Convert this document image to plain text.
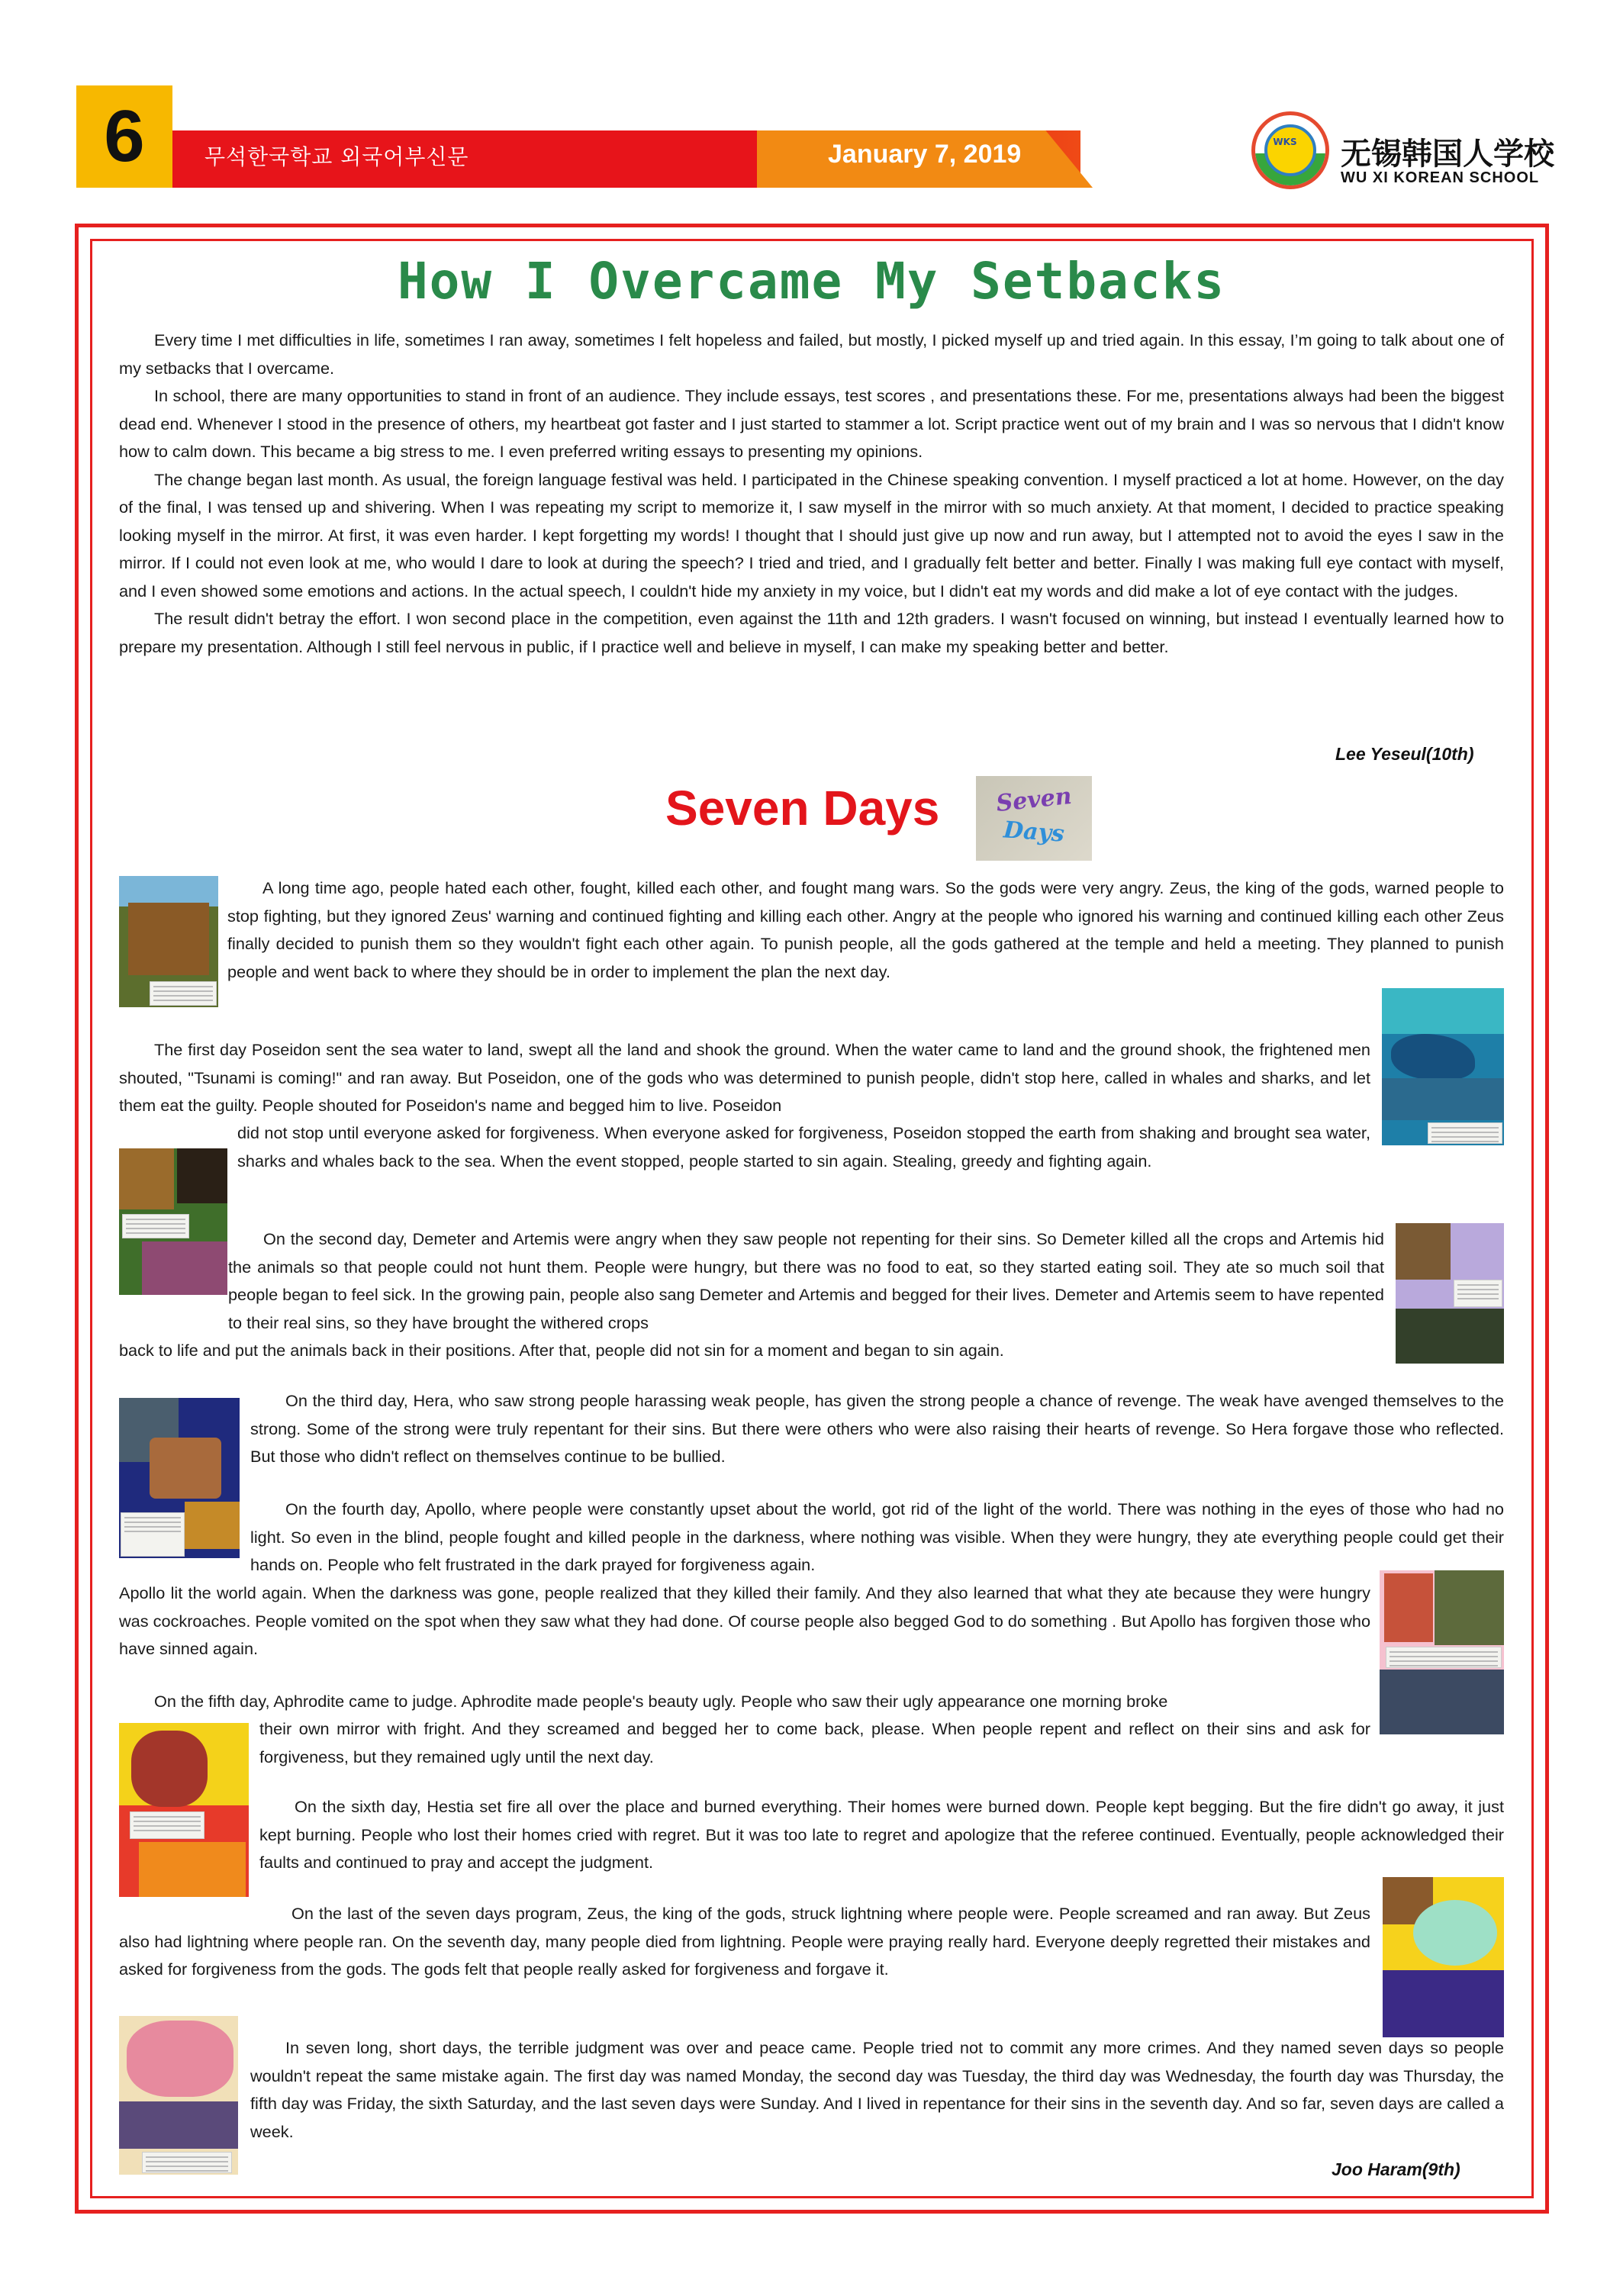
6	무석한국학교 외국어부신문	January 7, 2019	WKS 无锡韩国人学校
WU XI KOREAN SCHOOL
How I Overcame My Setbacks

Every time I met difficulties in life, sometimes I ran away, sometimes I felt hopeless and failed, but mostly, I picked myself up and tried again. In this essay, I’m going to talk about one of my setbacks that I overcame.

In school, there are many opportunities to stand in front of an audience. They include essays, test scores , and presentations these. For me, presentations always had been the biggest dead end. Whenever I stood in the presence of others, my heartbeat got faster and I just started to stammer a lot. Script practice went out of my brain and I was so nervous that I didn't know how to calm down. This became a big stress to me. I even preferred writing essays to presenting my opinions.

The change began last month. As usual, the foreign language festival was held. I participated in the Chinese speaking convention. I myself practiced a lot at home. However, on the day of the final, I was tensed up and shivering. When I was repeating my script to memorize it, I saw myself in the mirror with so much anxiety. At that moment, I decided to practice speaking looking myself in the mirror. At first, it was even harder. I kept forgetting my words! I thought that I should just give up now and run away, but I attempted not to avoid the eyes I saw in the mirror. If I could not even look at me, who would I dare to look at during the speech? I tried and tried, and I gradually felt better and better. Finally I was making full eye contact with myself, and I even showed some emotions and actions. In the actual speech, I couldn't hide my anxiety in my voice, but I didn't eat my words and did make a lot of eye contact with the judges.

The result didn't betray the effort. I won second place in the competition, even against the 11th and 12th graders. I wasn't focused on winning, but instead I eventually learned how to prepare my presentation. Although I still feel nervous in public, if I practice well and believe in myself, I can make my speaking better and better.

Lee Yeseul(10th)
Seven Days	Seven
Days

A long time ago, people hated each other, fought, killed each other, and fought mang wars. So the gods were very angry. Zeus, the king of the gods, warned people to stop fighting, but they ignored Zeus' warning and continued fighting and killing each other. Angry at the people who ignored his warning and continued killing each other Zeus finally decided to punish them so they wouldn't fight each other again. To punish people, all the gods gathered at the temple and held a meeting. They planned to punish people and went back to where they should be in order to implement the plan the next day.

The first day Poseidon sent the sea water to land, swept all the land and shook the ground. When the water came to land and the ground shook, the frightened men shouted, "Tsunami is coming!" and ran away. But Poseidon, one of the gods who was determined to punish people, didn't stop here, called in whales and sharks, and let them eat the guilty. People shouted for Poseidon's name and begged him to live. Poseidon

did not stop until everyone asked for forgiveness. When everyone asked for forgiveness, Poseidon stopped the earth from shaking and brought sea water, sharks and whales back to the sea. When the event stopped, people started to sin again. Stealing, greedy and fighting again.

On the second day, Demeter and Artemis were angry when they saw people not repenting for their sins. So Demeter killed all the crops and Artemis hid the animals so that people could not hunt them. People were hungry, but there was no food to eat, so they started eating soil. They ate so much soil that people began to feel sick. In the growing pain, people also sang Demeter and Artemis and begged for their lives. Demeter and Artemis seem to have repented to their real sins, so they have brought the withered crops

back to life and put the animals back in their positions. After that, people did not sin for a moment and began to sin again.

On the third day, Hera, who saw strong people harassing weak people, has given the strong people a chance of revenge. The weak have avenged themselves to the strong. Some of the strong were truly repentant for their sins. But there were others who were also raising their hearts of revenge. So Hera forgave those who reflected. But those who didn't reflect on themselves continue to be bullied.

On the fourth day, Apollo, where people were constantly upset about the world, got rid of the light of the world. There was nothing in the eyes of those who had no light. So even in the blind, people fought and killed people in the darkness, where nothing was visible. When they were hungry, they ate everything people could get their hands on. People who felt frustrated in the dark prayed for forgiveness again.

Apollo lit the world again. When the darkness was gone, people realized that they killed their family. And they also learned that what they ate because they were hungry was cockroaches. People vomited on the spot when they saw what they had done. Of course people also begged God to do something . But Apollo has forgiven those who have sinned again.

On the fifth day, Aphrodite came to judge. Aphrodite made people's beauty ugly. People who saw their ugly appearance one morning broke

their own mirror with fright. And they screamed and begged her to come back, please. When people repent and reflect on their sins and ask for forgiveness, but they remained ugly until the next day.

On the sixth day, Hestia set fire all over the place and burned everything. Their homes were burned down. People kept begging. But the fire didn't go away, it just kept burning. People who lost their homes cried with regret. But it was too late to regret and apologize that the referee continued. Eventually, people acknowledged their faults and continued to pray and accept the judgment.

On the last of the seven days program, Zeus, the king of the gods, struck lightning where people were. People screamed and ran away. But Zeus also had lightning where people ran. On the seventh day, many people died from lightning. People were praying really hard. Everyone deeply regretted their mistakes and asked for forgiveness from the gods. The gods felt that people really asked for forgiveness and forgave it.

In seven long, short days, the terrible judgment was over and peace came. People tried not to commit any more crimes. And they named seven days so people wouldn't repeat the same mistake again. The first day was named Monday, the second day was Tuesday, the third day was Wednesday, the fourth day was Thursday, the fifth day was Friday, the sixth Saturday, and the last seven days were Sunday. And I lived in repentance for their sins in the seventh day. And so far, seven days are called a week.

Joo Haram(9th)
